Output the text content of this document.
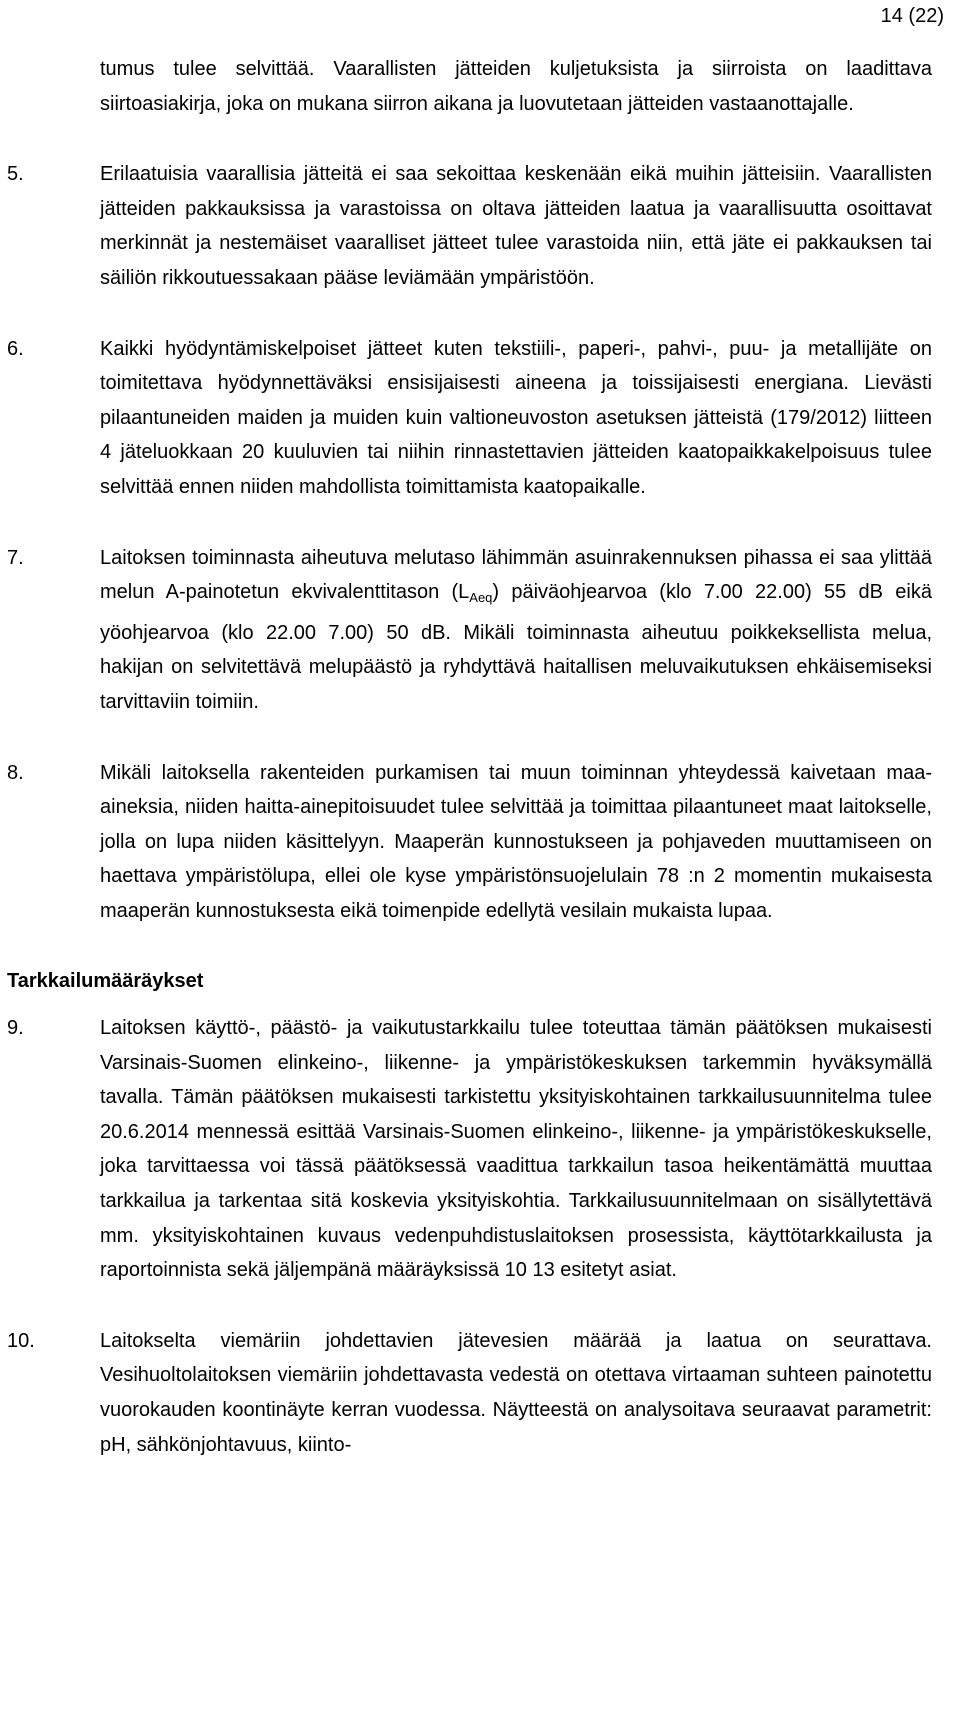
14 (22)
tumus tulee selvittää. Vaarallisten jätteiden kuljetuksista ja siirroista on laadittava siirtoasiakirja, joka on mukana siirron aikana ja luovutetaan jätteiden vastaanottajalle.
5.	Erilaatuisia vaarallisia jätteitä ei saa sekoittaa keskenään eikä muihin jätteisiin. Vaarallisten jätteiden pakkauksissa ja varastoissa on oltava jätteiden laatua ja vaarallisuutta osoittavat merkinnät ja nestemäiset vaaralliset jätteet tulee varastoida niin, että jäte ei pakkauksen tai säiliön rikkoutuessakaan pääse leviämään ympäristöön.
6.	Kaikki hyödyntämiskelpoiset jätteet kuten tekstiili-, paperi-, pahvi-, puu- ja metallijäte on toimitettava hyödynnettäväksi ensisijaisesti aineena ja toissijaisesti energiana. Lievästi pilaantuneiden maiden ja muiden kuin valtioneuvoston asetuksen jätteistä (179/2012) liitteen 4 jäteluokkaan 20 kuuluvien tai niihin rinnastettavien jätteiden kaatopaikkakelpoisuus tulee selvittää ennen niiden mahdollista toimittamista kaatopaikalle.
7.	Laitoksen toiminnasta aiheutuva melutaso lähimmän asuinrakennuksen pihassa ei saa ylittää melun A-painotetun ekvivalenttitason $(L_{Aeq})$ päiväohjearvoa (klo 7.00 22.00) 55 dB eikä yöohjearvoa (klo 22.00 7.00) 50 dB. Mikäli toiminnasta aiheutuu poikkeksellista melua, hakijan on selvitettävä melupäästö ja ryhdyttävä haitallisen meluvaikutuksen ehkäisemiseksi tarvittaviin toimiin.
8.	Mikäli laitoksella rakenteiden purkamisen tai muun toiminnan yhteydessä kaivetaan maa-aineksia, niiden haitta-ainepitoisuudet tulee selvittää ja toimittaa pilaantuneet maat laitokselle, jolla on lupa niiden käsittelyyn. Maaperän kunnostukseen ja pohjaveden muuttamiseen on haettava ympäristölupa, ellei ole kyse ympäristönsuojelulain 78 :n 2 momentin mukaisesta maaperän kunnostuksesta eikä toimenpide edellytä vesilain mukaista lupaa.
Tarkkailumääräykset
9.	Laitoksen käyttö-, päästö- ja vaikutustarkkailu tulee toteuttaa tämän päätöksen mukaisesti Varsinais-Suomen elinkeino-, liikenne- ja ympäristökeskuksen tarkemmin hyväksymällä tavalla. Tämän päätöksen mukaisesti tarkistettu yksityiskohtainen tarkkailusuunnitelma tulee 20.6.2014 mennessä esittää Varsinais-Suomen elinkeino-, liikenne- ja ympäristökeskukselle, joka tarvittaessa voi tässä päätöksessä vaadittua tarkkailun tasoa heikentämättä muuttaa tarkkailua ja tarkentaa sitä koskevia yksityiskohtia. Tarkkailusuunnitelmaan on sisällytettävä mm. yksityiskohtainen kuvaus vedenpuhdistuslaitoksen prosessista, käyttötarkkailusta ja raportoinnista sekä jäljempänä määräyksissä 10 13 esitetyt asiat.
10.	Laitokselta viemäriin johdettavien jätevesien määrää ja laatua on seurattava. Vesihuoltolaitoksen viemäriin johdettavasta vedestä on otettava virtaaman suhteen painotettu vuorokauden koontinäyte kerran vuodessa. Näytteestä on analysoitava seuraavat parametrit: pH, sähkönjohtavuus, kiinto-
